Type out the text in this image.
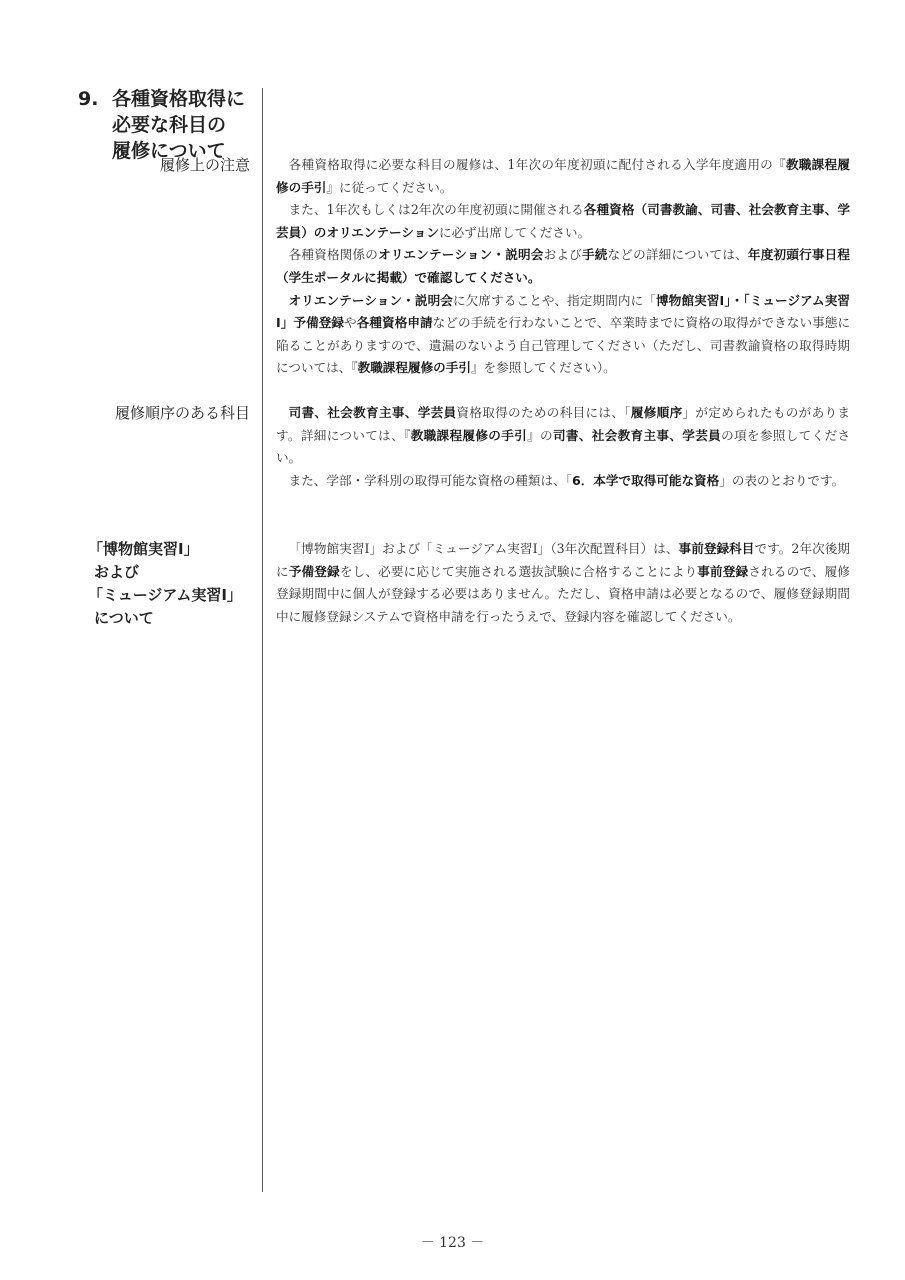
9. 各種資格取得に
必要な科目の
履修について
履修上の注意	各種資格取得に必要な科目の履修は、1年次の年度初頭に配付される入学年度適用の『教職課程履修の手引』に従ってください。

また、1年次もしくは2年次の年度初頭に開催される各種資格（司書教諭、司書、社会教育主事、学芸員）のオリエンテーションに必ず出席してください。

各種資格関係のオリエンテーション・説明会および手続などの詳細については、年度初頭行事日程（学生ポータルに掲載）で確認してください。

オリエンテーション・説明会に欠席することや、指定期間内に「博物館実習Ⅰ」・「ミュージアム実習Ⅰ」予備登録や各種資格申請などの手続を行わないことで、卒業時までに資格の取得ができない事態に陥ることがありますので、遺漏のないよう自己管理してください（ただし、司書教諭資格の取得時期については、『教職課程履修の手引』を参照してください）。

履修順序のある科目	司書、社会教育主事、学芸員資格取得のための科目には、「履修順序」が定められたものがあります。詳細については、『教職課程履修の手引』の司書、社会教育主事、学芸員の項を参照してください。

また、学部・学科別の取得可能な資格の種類は、「6．本学で取得可能な資格」の表のとおりです。

「博物館実習Ⅰ」
および
「ミュージアム実習Ⅰ」
について

「博物館実習Ⅰ」および「ミュージアム実習Ⅰ」（3年次配置科目）は、事前登録科目です。2年次後期に予備登録をし、必要に応じて実施される選抜試験に合格することにより事前登録されるので、履修登録期間中に個人が登録する必要はありません。ただし、資格申請は必要となるので、履修登録期間中に履修登録システムで資格申請を行ったうえで、登録内容を確認してください。

－ 123 －
